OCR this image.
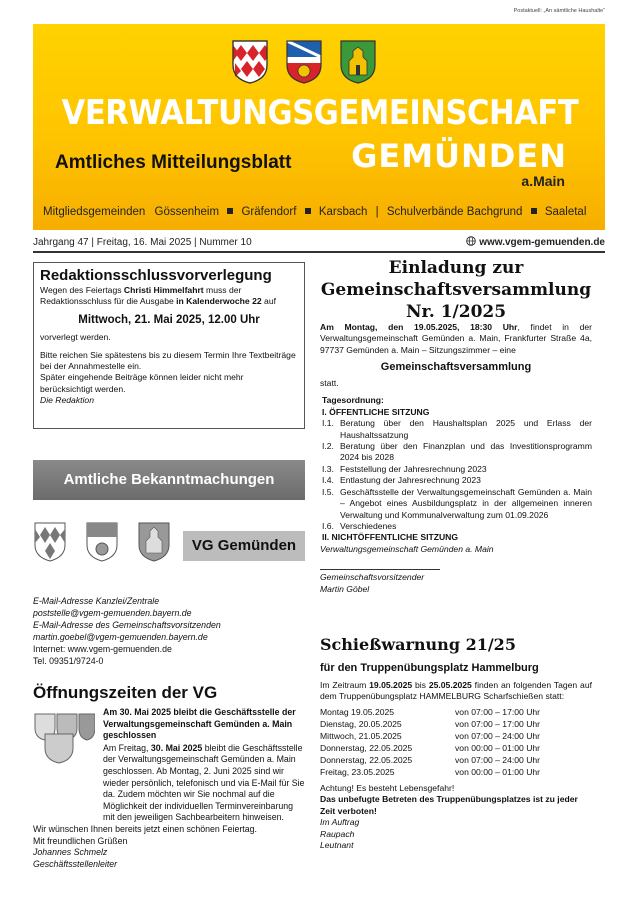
Postaktuell: „An sämtliche Haushalte“
VERWALTUNGSGEMEINSCHAFT
Amtliches Mitteilungsblatt GEMÜNDEN
a.Main
Mitgliedsgemeinden Gössenheim Gräfendorf Karsbach | Schulverbände Bachgrund Saaletal
Jahrgang 47 | Freitag, 16. Mai 2025 | Nummer 10	www.vgem-gemuenden.de
Redaktionsschlussvorverlegung

Wegen des Feiertags Christi Himmelfahrt muss der Redaktionsschluss für die Ausgabe in Kalenderwoche 22 auf

Mittwoch, 21. Mai 2025, 12.00 Uhr

vorverlegt werden.

Bitte reichen Sie spätestens bis zu diesem Termin Ihre Textbeiträge bei der Annahmestelle ein.

Später eingehende Beiträge können leider nicht mehr berücksichtigt werden.

Die Redaktion

Amtliche Bekanntmachungen
VG Gemünden
E-Mail-Adresse Kanzlei/Zentrale
poststelle@vgem-gemuenden.bayern.de
E-Mail-Adresse des Gemeinschaftsvorsitzenden
martin.goebel@vgem-gemuenden.bayern.de
Internet: www.vgem-gemuenden.de
Tel. 09351/9724-0
Öffnungszeiten der VG

Am 30. Mai 2025 bleibt die Geschäftsstelle der Verwaltungsgemeinschaft Gemünden a. Main geschlossen

Am Freitag, 30. Mai 2025 bleibt die Geschäftsstelle der Verwaltungsgemeinschaft Gemünden a. Main geschlossen. Ab Montag, 2. Juni 2025 sind wir wieder persönlich, telefonisch und via E-Mail für Sie da. Zudem möchten wir Sie nochmal auf die Möglichkeit der individuellen Terminvereinbarung mit den jeweiligen Sachbearbeitern hinweisen.

Wir wünschen Ihnen bereits jetzt einen schönen Feiertag.

Mit freundlichen Grüßen

Johannes Schmelz

Geschäftsstellenleiter

Einladung zur
Gemeinschaftsversammlung
Nr. 1/2025

Am Montag, den 19.05.2025, 18:30 Uhr, findet in der Verwaltungsgemeinschaft Gemünden a. Main, Frankfurter Straße 4a, 97737 Gemünden a. Main – Sitzungszimmer – eine

Gemeinschaftsversammlung

statt.

Tagesordnung:

I. ÖFFENTLICHE SITZUNG

I.1. Beratung über den Haushaltsplan 2025 und Erlass der Haushaltssatzung
I.2. Beratung über den Finanzplan und das Investitionsprogramm 2024 bis 2028
I.3. Feststellung der Jahresrechnung 2023
I.4. Entlastung der Jahresrechnung 2023
I.5. Geschäftsstelle der Verwaltungsgemeinschaft Gemünden a. Main – Angebot eines Ausbildungsplatz in der allgemeinen inneren Verwaltung und Kommunalverwaltung zum 01.09.2026
I.6. Verschiedenes

II. NICHTÖFFENTLICHE SITZUNG

Verwaltungsgemeinschaft Gemünden a. Main

Gemeinschaftsvorsitzender

Martin Göbel

Schießwarnung 21/25
für den Truppenübungsplatz Hammelburg

Im Zeitraum 19.05.2025 bis 25.05.2025 finden an folgenden Tagen auf dem Truppenübungsplatz HAMMELBURG Scharfschießen statt:

Montag 19.05.2025	von 07:00 – 17:00 Uhr
Dienstag, 20.05.2025	von 07:00 – 17:00 Uhr
Mittwoch, 21.05.2025	von 07:00 – 24:00 Uhr
Donnerstag, 22.05.2025	von 00:00 – 01:00 Uhr
Donnerstag, 22.05.2025	von 07:00 – 24:00 Uhr
Freitag, 23.05.2025	von 00:00 – 01:00 Uhr

Achtung! Es besteht Lebensgefahr!

Das unbefugte Betreten des Truppenübungsplatzes ist zu jeder Zeit verboten!

Im Auftrag

Raupach

Leutnant
